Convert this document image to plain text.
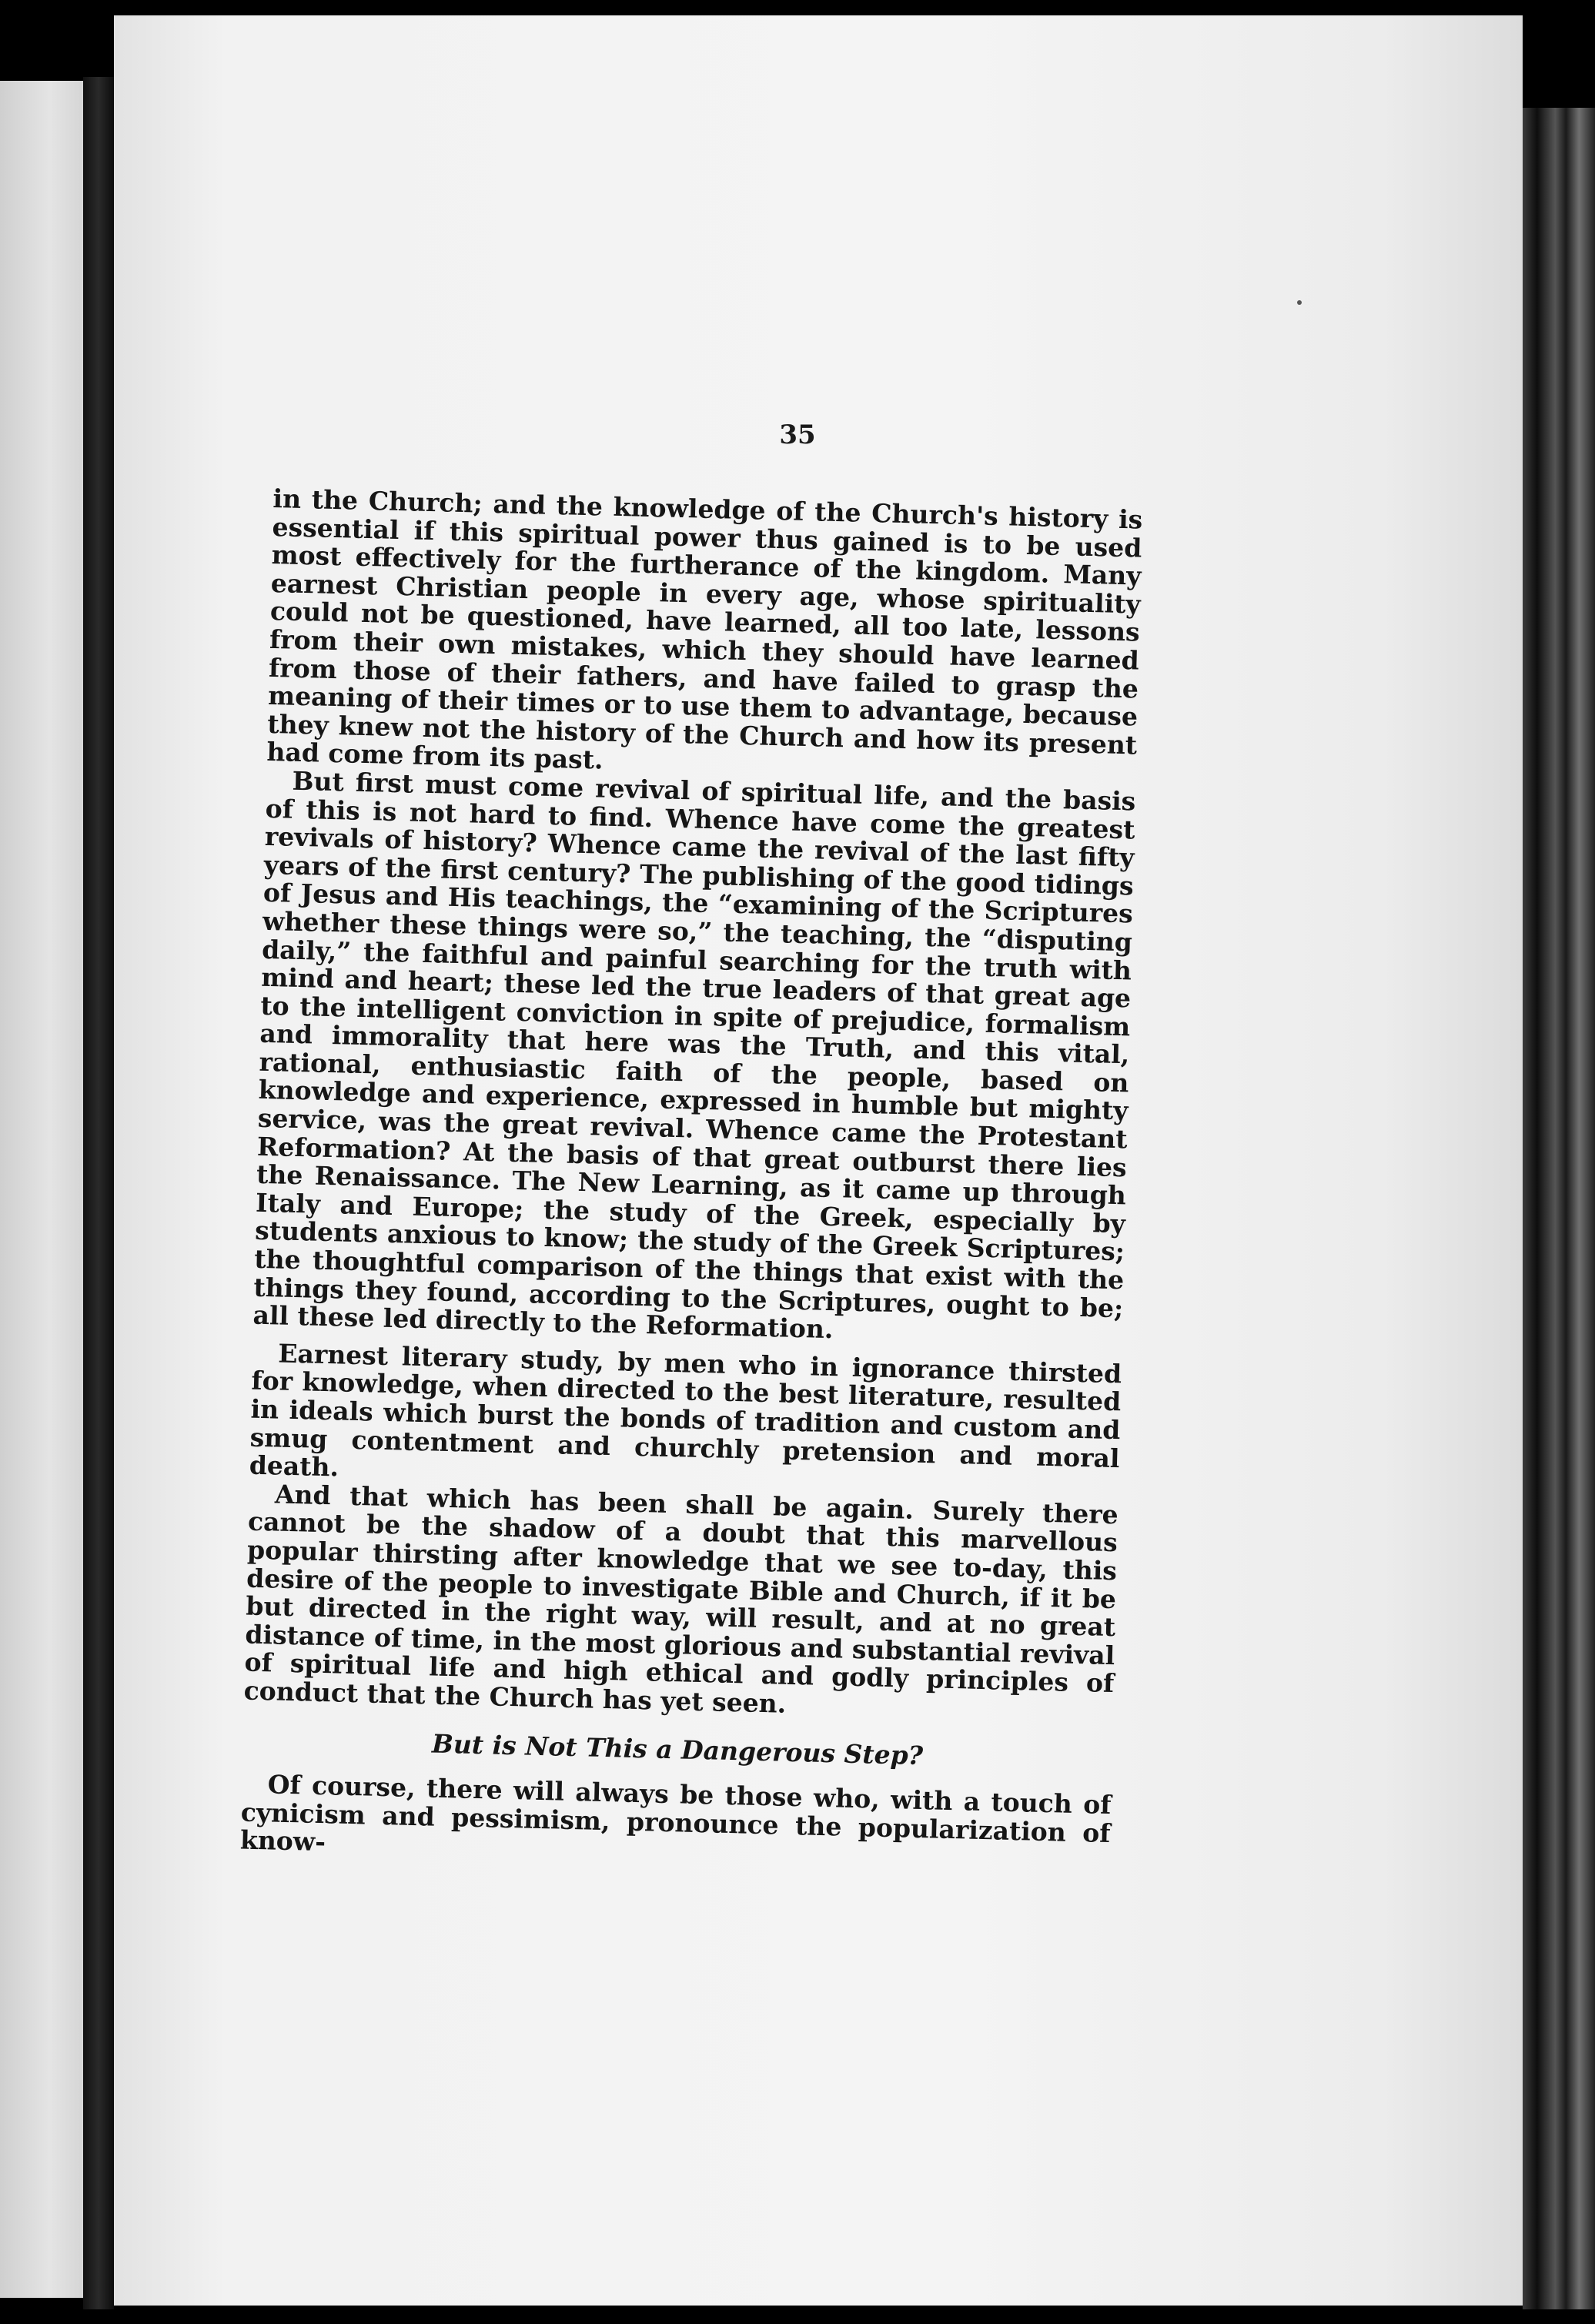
35

in the Church; and the knowledge of the Church's history is essential if this spiritual power thus gained is to be used most effectively for the furtherance of the kingdom. Many earnest Christian people in every age, whose spirituality could not be questioned, have learned, all too late, lessons from their own mistakes, which they should have learned from those of their fathers, and have failed to grasp the meaning of their times or to use them to advantage, because they knew not the history of the Church and how its present had come from its past.

But first must come revival of spiritual life, and the basis of this is not hard to find. Whence have come the greatest revivals of history? Whence came the revival of the last fifty years of the first century? The publishing of the good tidings of Jesus and His teachings, the “examining of the Scriptures whether these things were so,” the teaching, the “disputing daily,” the faithful and painful searching for the truth with mind and heart; these led the true leaders of that great age to the intelligent conviction in spite of prejudice, formalism and immorality that here was the Truth, and this vital, rational, enthusiastic faith of the people, based on knowledge and experience, expressed in humble but mighty service, was the great revival. Whence came the Protestant Reformation? At the basis of that great outburst there lies the Renaissance. The New Learning, as it came up through Italy and Europe; the study of the Greek, especially by students anxious to know; the study of the Greek Scriptures; the thoughtful comparison of the things that exist with the things they found, according to the Scriptures, ought to be; all these led directly to the Reformation.

Earnest literary study, by men who in ignorance thirsted for knowledge, when directed to the best literature, resulted in ideals which burst the bonds of tradition and custom and smug contentment and churchly pretension and moral death.

And that which has been shall be again. Surely there cannot be the shadow of a doubt that this marvellous popular thirsting after knowledge that we see to-day, this desire of the people to investigate Bible and Church, if it be but directed in the right way, will result, and at no great distance of time, in the most glorious and substantial revival of spiritual life and high ethical and godly principles of conduct that the Church has yet seen.

But is Not This a Dangerous Step?

Of course, there will always be those who, with a touch of cynicism and pessimism, pronounce the popularization of know-
